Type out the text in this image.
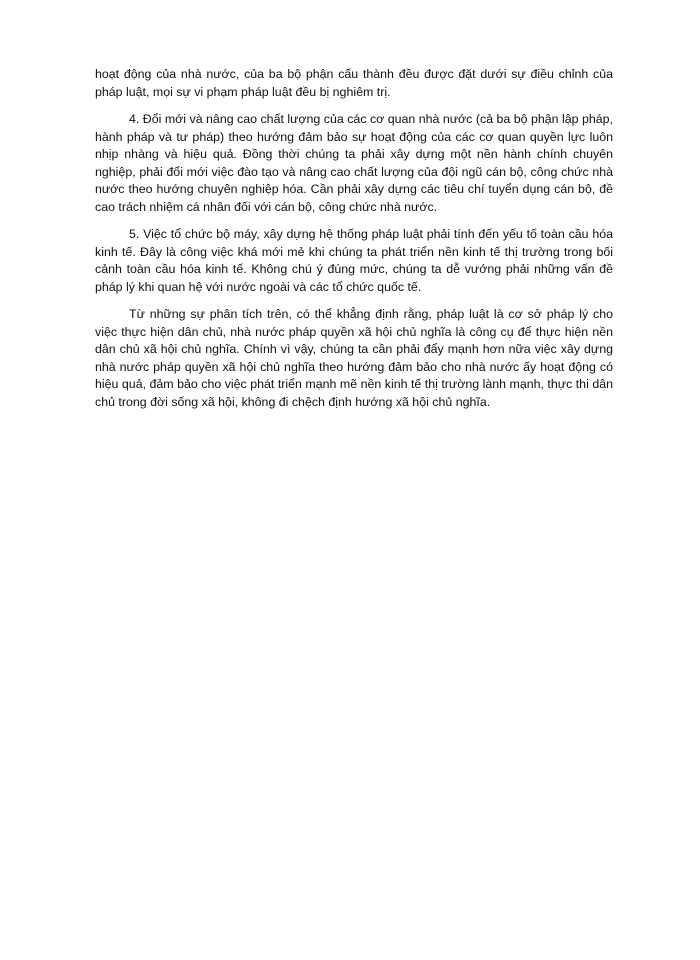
hoạt động của nhà nước, của ba bộ phận cấu thành đều được đặt dưới sự điều chỉnh của pháp luật, mọi sự vi phạm pháp luật đều bị nghiêm trị.

4. Đổi mới và nâng cao chất lượng của các cơ quan nhà nước (cả ba bộ phận lập pháp, hành pháp và tư pháp) theo hướng đảm bảo sự hoạt động của các cơ quan quyền lực luôn nhịp nhàng và hiệu quả. Đồng thời chúng ta phải xây dựng một nền hành chính chuyên nghiệp, phải đổi mới việc đào tạo và nâng cao chất lượng của đội ngũ cán bộ, công chức nhà nước theo hướng chuyên nghiệp hóa. Cần phải xây dựng các tiêu chí tuyển dụng cán bộ, đề cao trách nhiệm cá nhân đối với cán bộ, công chức nhà nước.

5. Việc tổ chức bộ máy, xây dựng hệ thống pháp luật phải tính đến yếu tố toàn cầu hóa kinh tế. Đây là công việc khá mới mẻ khi chúng ta phát triển nền kinh tế thị trường trong bối cảnh toàn cầu hóa kinh tế. Không chú ý đúng mức, chúng ta dễ vướng phải những vấn đề pháp lý khi quan hệ với nước ngoài và các tổ chức quốc tế.

Từ những sự phân tích trên, có thể khẳng định rằng, pháp luật là cơ sở pháp lý cho việc thực hiện dân chủ, nhà nước pháp quyền xã hội chủ nghĩa là công cụ để thực hiện nền dân chủ xã hội chủ nghĩa. Chính vì vậy, chúng ta cần phải đẩy mạnh hơn nữa việc xây dựng nhà nước pháp quyền xã hội chủ nghĩa theo hướng đảm bảo cho nhà nước ấy hoạt động có hiệu quả, đảm bảo cho việc phát triển mạnh mẽ nền kinh tế thị trường lành mạnh, thực thi dân chủ trong đời sống xã hội, không đi chệch định hướng xã hội chủ nghĩa.
